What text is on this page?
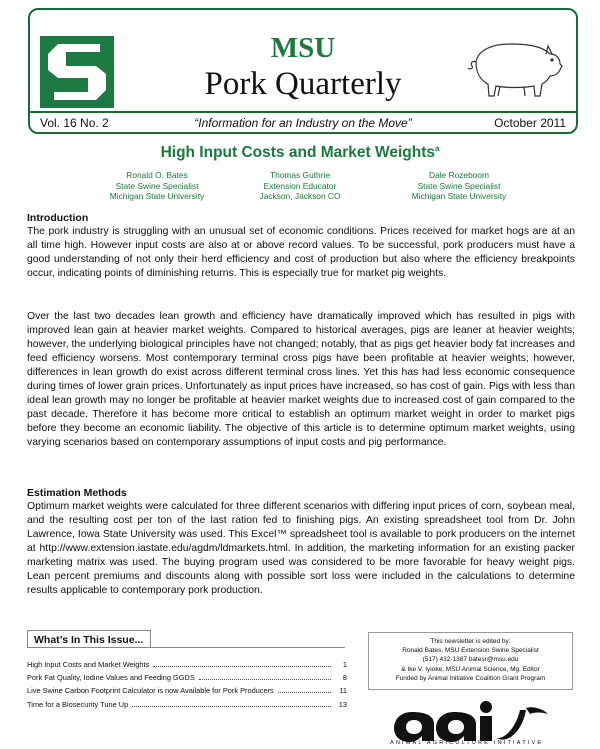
MSU
Pork Quarterly
Vol. 16 No. 2	“Information for an Industry on the Move”	October 2011
High Input Costs and Market Weights$^a$
Ronald O. Bates
State Swine Specialist
Michigan State University
Thomas Guthrie
Extension Educator
Jackson, Jackson CO
Dale Rozeboom
State Swine Specialist
Michigan State University

Introduction

The pork industry is struggling with an unusual set of economic conditions. Prices received for market hogs are at an all time high. However input costs are also at or above record values. To be successful, pork producers must have a good understanding of not only their herd efficiency and cost of production but also where the efficiency breakpoints occur, indicating points of diminishing returns. This is especially true for market pig weights.

Over the last two decades lean growth and efficiency have dramatically improved which has resulted in pigs with improved lean gain at heavier market weights. Compared to historical averages, pigs are leaner at heavier weights; however, the underlying biological principles have not changed; notably, that as pigs get heavier body fat increases and feed efficiency worsens. Most contemporary terminal cross pigs have been profitable at heavier weights; however, differences in lean growth do exist across different terminal cross lines. Yet this has had less economic consequence during times of lower grain prices. Unfortunately as input prices have increased, so has cost of gain. Pigs with less than ideal lean growth may no longer be profitable at heavier market weights due to increased cost of gain compared to the past decade. Therefore it has become more critical to establish an optimum market weight in order to market pigs before they become an economic liability. The objective of this article is to determine optimum market weights, using varying scenarios based on contemporary assumptions of input costs and pig performance.

Estimation Methods

Optimum market weights were calculated for three different scenarios with differing input prices of corn, soybean meal, and the resulting cost per ton of the last ration fed to finishing pigs. An existing spreadsheet tool from Dr. John Lawrence, Iowa State University was used. This Excel™ spreadsheet tool is available to pork producers on the internet at http://www.extension.iastate.edu/agdm/ldmarkets.html. In addition, the marketing information for an existing packer marketing matrix was used. The buying program used was considered to be more favorable for heavy weight pigs. Lean percent premiums and discounts along with possible sort loss were included in the calculations to determine results applicable to contemporary pork production.

What’s In This Issue...
High Input Costs and Market Weights	1
Pork Fat Quality, Iodine Values and Feeding GGDS	8
Live Swine Carbon Footprint Calculator is now Available for Pork Producers	11
Time for a Biosecurity Tune Up	13
This newsletter is edited by:
Ronald Bates, MSU Extension Swine Specialist
(517) 432-1387 batesr@msu.edu
& Ike V. Iyioke, MSU Animal Science, Mg. Editor
Funded by Animal Initiative Coalition Grant Program
ANIMAL AGRICULTURE INITIATIVE
